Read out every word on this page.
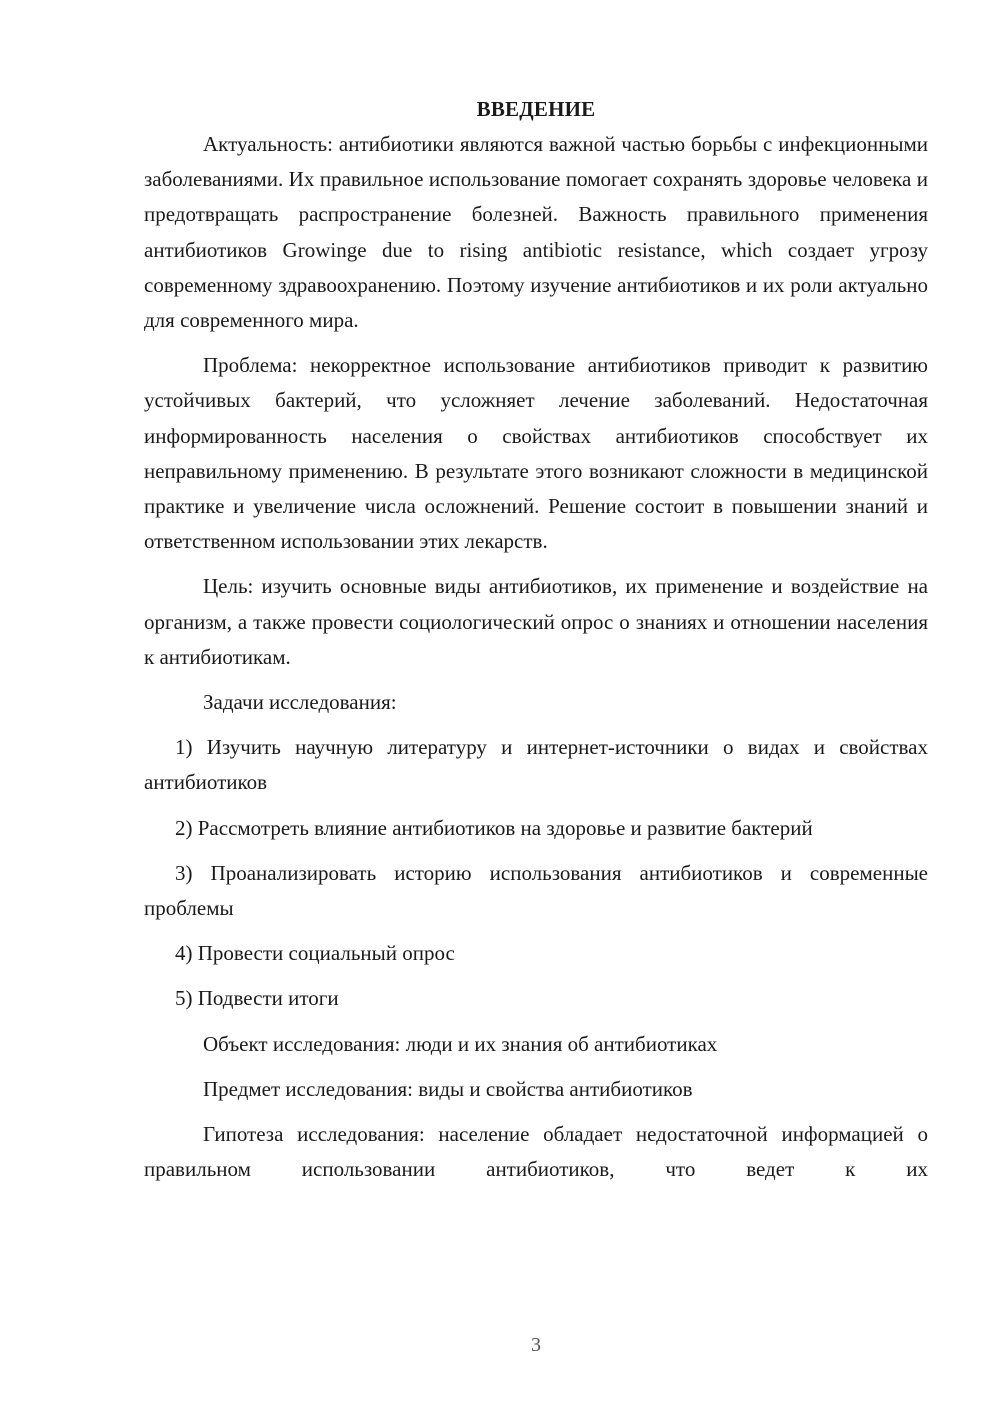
ВВЕДЕНИЕ

Актуальность: антибиотики являются важной частью борьбы с инфекционными заболеваниями. Их правильное использование помогает сохранять здоровье человека и предотвращать распространение болезней. Важность правильного применения антибиотиков Growinge due to rising antibiotic resistance, which создает угрозу современному здравоохранению. Поэтому изучение антибиотиков и их роли актуально для современного мира.

Проблема: некорректное использование антибиотиков приводит к развитию устойчивых бактерий, что усложняет лечение заболеваний. Недостаточная информированность населения о свойствах антибиотиков способствует их неправильному применению. В результате этого возникают сложности в медицинской практике и увеличение числа осложнений. Решение состоит в повышении знаний и ответственном использовании этих лекарств.

Цель: изучить основные виды антибиотиков, их применение и воздействие на организм, а также провести социологический опрос о знаниях и отношении населения к антибиотикам.

Задачи исследования:

1) Изучить научную литературу и интернет-источники о видах и свойствах антибиотиков

2) Рассмотреть влияние антибиотиков на здоровье и развитие бактерий

3) Проанализировать историю использования антибиотиков и современные проблемы

4) Провести социальный опрос

5) Подвести итоги

Объект исследования: люди и их знания об антибиотиках

Предмет исследования: виды и свойства антибиотиков

Гипотеза исследования: население обладает недостаточной информацией о правильном использовании антибиотиков, что ведет к их

3
